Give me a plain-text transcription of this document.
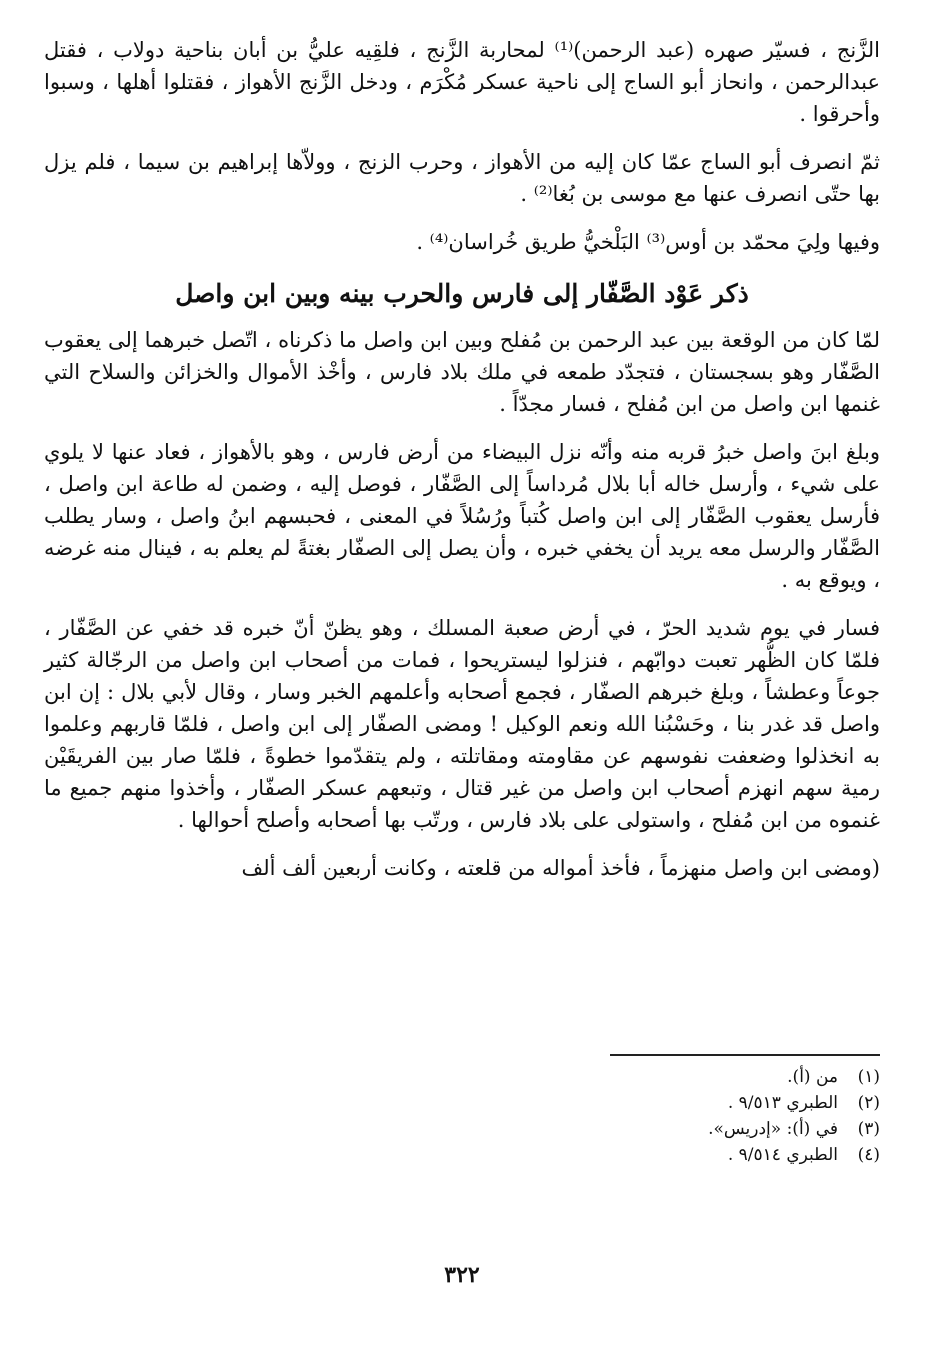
الزَّنج ، فسيّر صهره (عبد الرحمن)⁽¹⁾ لمحاربة الزَّنج ، فلقِيه عليُّ بن أبان بناحية دولاب ، فقتل عبدالرحمن ، وانحاز أبو الساج إلى ناحية عسكر مُكْرَم ، ودخل الزَّنج الأهواز ، فقتلوا أهلها ، وسبوا وأحرقوا .

ثمّ انصرف أبو الساج عمّا كان إليه من الأهواز ، وحرب الزنج ، وولاّها إبراهيم بن سيما ، فلم يزل بها حتّى انصرف عنها مع موسى بن بُغا⁽²⁾ .

وفيها ولِيَ محمّد بن أوس⁽³⁾ البَلْخيُّ طريق خُراسان⁽⁴⁾ .

ذكر عَوْد الصَّفّار إلى فارس والحرب بينه وبين ابن واصل

لمّا كان من الوقعة بين عبد الرحمن بن مُفلح وبين ابن واصل ما ذكرناه ، اتّصل خبرهما إلى يعقوب الصَّفّار وهو بسجستان ، فتجدّد طمعه في ملك بلاد فارس ، وأخْذ الأموال والخزائن والسلاح التي غنمها ابن واصل من ابن مُفلح ، فسار مجدّاً .

وبلغ ابنَ واصل خبرُ قربه منه وأنّه نزل البيضاء من أرض فارس ، وهو بالأهواز ، فعاد عنها لا يلوي على شيء ، وأرسل خاله أبا بلال مُرداساً إلى الصَّفّار ، فوصل إليه ، وضمن له طاعة ابن واصل ، فأرسل يعقوب الصَّفّار إلى ابن واصل كُتباً ورُسُلاً في المعنى ، فحبسهم ابنُ واصل ، وسار يطلب الصَّفّار والرسل معه يريد أن يخفي خبره ، وأن يصل إلى الصفّار بغتةً لم يعلم به ، فينال منه غرضه ، ويوقع به .

فسار في يوم شديد الحرّ ، في أرض صعبة المسلك ، وهو يظنّ أنّ خبره قد خفي عن الصَّفّار ، فلمّا كان الظُّهر تعبت دوابّهم ، فنزلوا ليستريحوا ، فمات من أصحاب ابن واصل من الرجّالة كثير جوعاً وعطشاً ، وبلغ خبرهم الصفّار ، فجمع أصحابه وأعلمهم الخبر وسار ، وقال لأبي بلال : إن ابن واصل قد غدر بنا ، وحَسْبُنا الله ونعم الوكيل ! ومضى الصفّار إلى ابن واصل ، فلمّا قاربهم وعلموا به انخذلوا وضعفت نفوسهم عن مقاومته ومقاتلته ، ولم يتقدّموا خطوةً ، فلمّا صار بين الفريقَيْن رمية سهم انهزم أصحاب ابن واصل من غير قتال ، وتبعهم عسكر الصفّار ، وأخذوا منهم جميع ما غنموه من ابن مُفلح ، واستولى على بلاد فارس ، ورتّب بها أصحابه وأصلح أحوالها .

(ومضى ابن واصل منهزماً ، فأخذ أمواله من قلعته ، وكانت أربعين ألف ألف

(١)
من (أ).

(٢)
الطبري ٩/٥١٣ .

(٣)
في (أ): «إدريس».

(٤)
الطبري ٩/٥١٤ .

٣٢٢
